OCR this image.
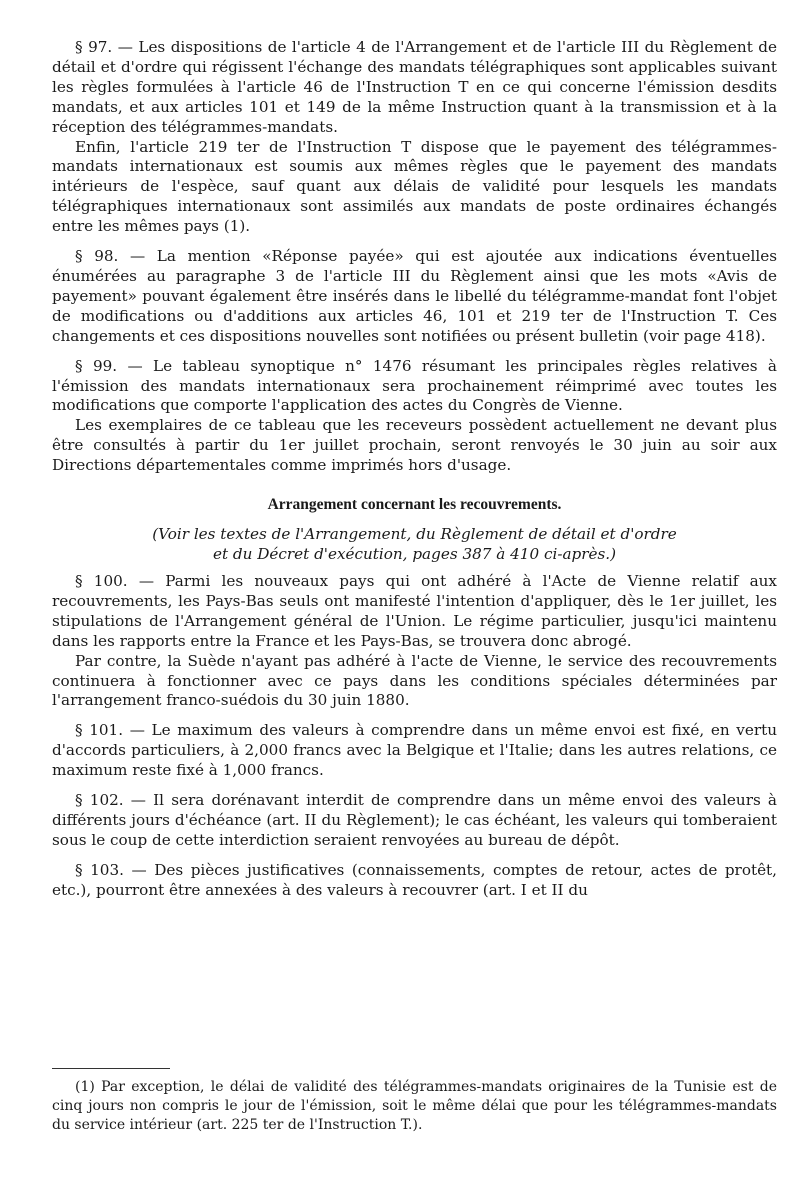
§ 97. — Les dispositions de l'article 4 de l'Arrangement et de l'article III du Règlement de détail et d'ordre qui régissent l'échange des mandats télégraphiques sont applicables suivant les règles formulées à l'article 46 de l'Instruction T en ce qui concerne l'émission desdits mandats, et aux articles 101 et 149 de la même Instruction quant à la transmission et à la réception des télégrammes-mandats.

Enfin, l'article 219 ter de l'Instruction T dispose que le payement des télégrammes-mandats internationaux est soumis aux mêmes règles que le payement des mandats intérieurs de l'espèce, sauf quant aux délais de validité pour lesquels les mandats télégraphiques internationaux sont assimilés aux mandats de poste ordinaires échangés entre les mêmes pays (1).

§ 98. — La mention «Réponse payée» qui est ajoutée aux indications éventuelles énumérées au paragraphe 3 de l'article III du Règlement ainsi que les mots «Avis de payement» pouvant également être insérés dans le libellé du télégramme-mandat font l'objet de modifications ou d'additions aux articles 46, 101 et 219 ter de l'Instruction T. Ces changements et ces dispositions nouvelles sont notifiées ou présent bulletin (voir page 418).

§ 99. — Le tableau synoptique n° 1476 résumant les principales règles relatives à l'émission des mandats internationaux sera prochainement réimprimé avec toutes les modifications que comporte l'application des actes du Congrès de Vienne.

Les exemplaires de ce tableau que les receveurs possèdent actuellement ne devant plus être consultés à partir du 1er juillet prochain, seront renvoyés le 30 juin au soir aux Directions départementales comme imprimés hors d'usage.

Arrangement concernant les recouvrements.
(Voir les textes de l'Arrangement, du Règlement de détail et d'ordre
et du Décret d'exécution, pages 387 à 410 ci-après.)

§ 100. — Parmi les nouveaux pays qui ont adhéré à l'Acte de Vienne relatif aux recouvrements, les Pays-Bas seuls ont manifesté l'intention d'appliquer, dès le 1er juillet, les stipulations de l'Arrangement général de l'Union. Le régime particulier, jusqu'ici maintenu dans les rapports entre la France et les Pays-Bas, se trouvera donc abrogé.

Par contre, la Suède n'ayant pas adhéré à l'acte de Vienne, le service des recouvrements continuera à fonctionner avec ce pays dans les conditions spéciales déterminées par l'arrangement franco-suédois du 30 juin 1880.

§ 101. — Le maximum des valeurs à comprendre dans un même envoi est fixé, en vertu d'accords particuliers, à 2,000 francs avec la Belgique et l'Italie; dans les autres relations, ce maximum reste fixé à 1,000 francs.

§ 102. — Il sera dorénavant interdit de comprendre dans un même envoi des valeurs à différents jours d'échéance (art. II du Règlement); le cas échéant, les valeurs qui tomberaient sous le coup de cette interdiction seraient renvoyées au bureau de dépôt.

§ 103. — Des pièces justificatives (connaissements, comptes de retour, actes de protêt, etc.), pourront être annexées à des valeurs à recouvrer (art. I et II du

(1) Par exception, le délai de validité des télégrammes-mandats originaires de la Tunisie est de cinq jours non compris le jour de l'émission, soit le même délai que pour les télégrammes-mandats du service intérieur (art. 225 ter de l'Instruction T.).
